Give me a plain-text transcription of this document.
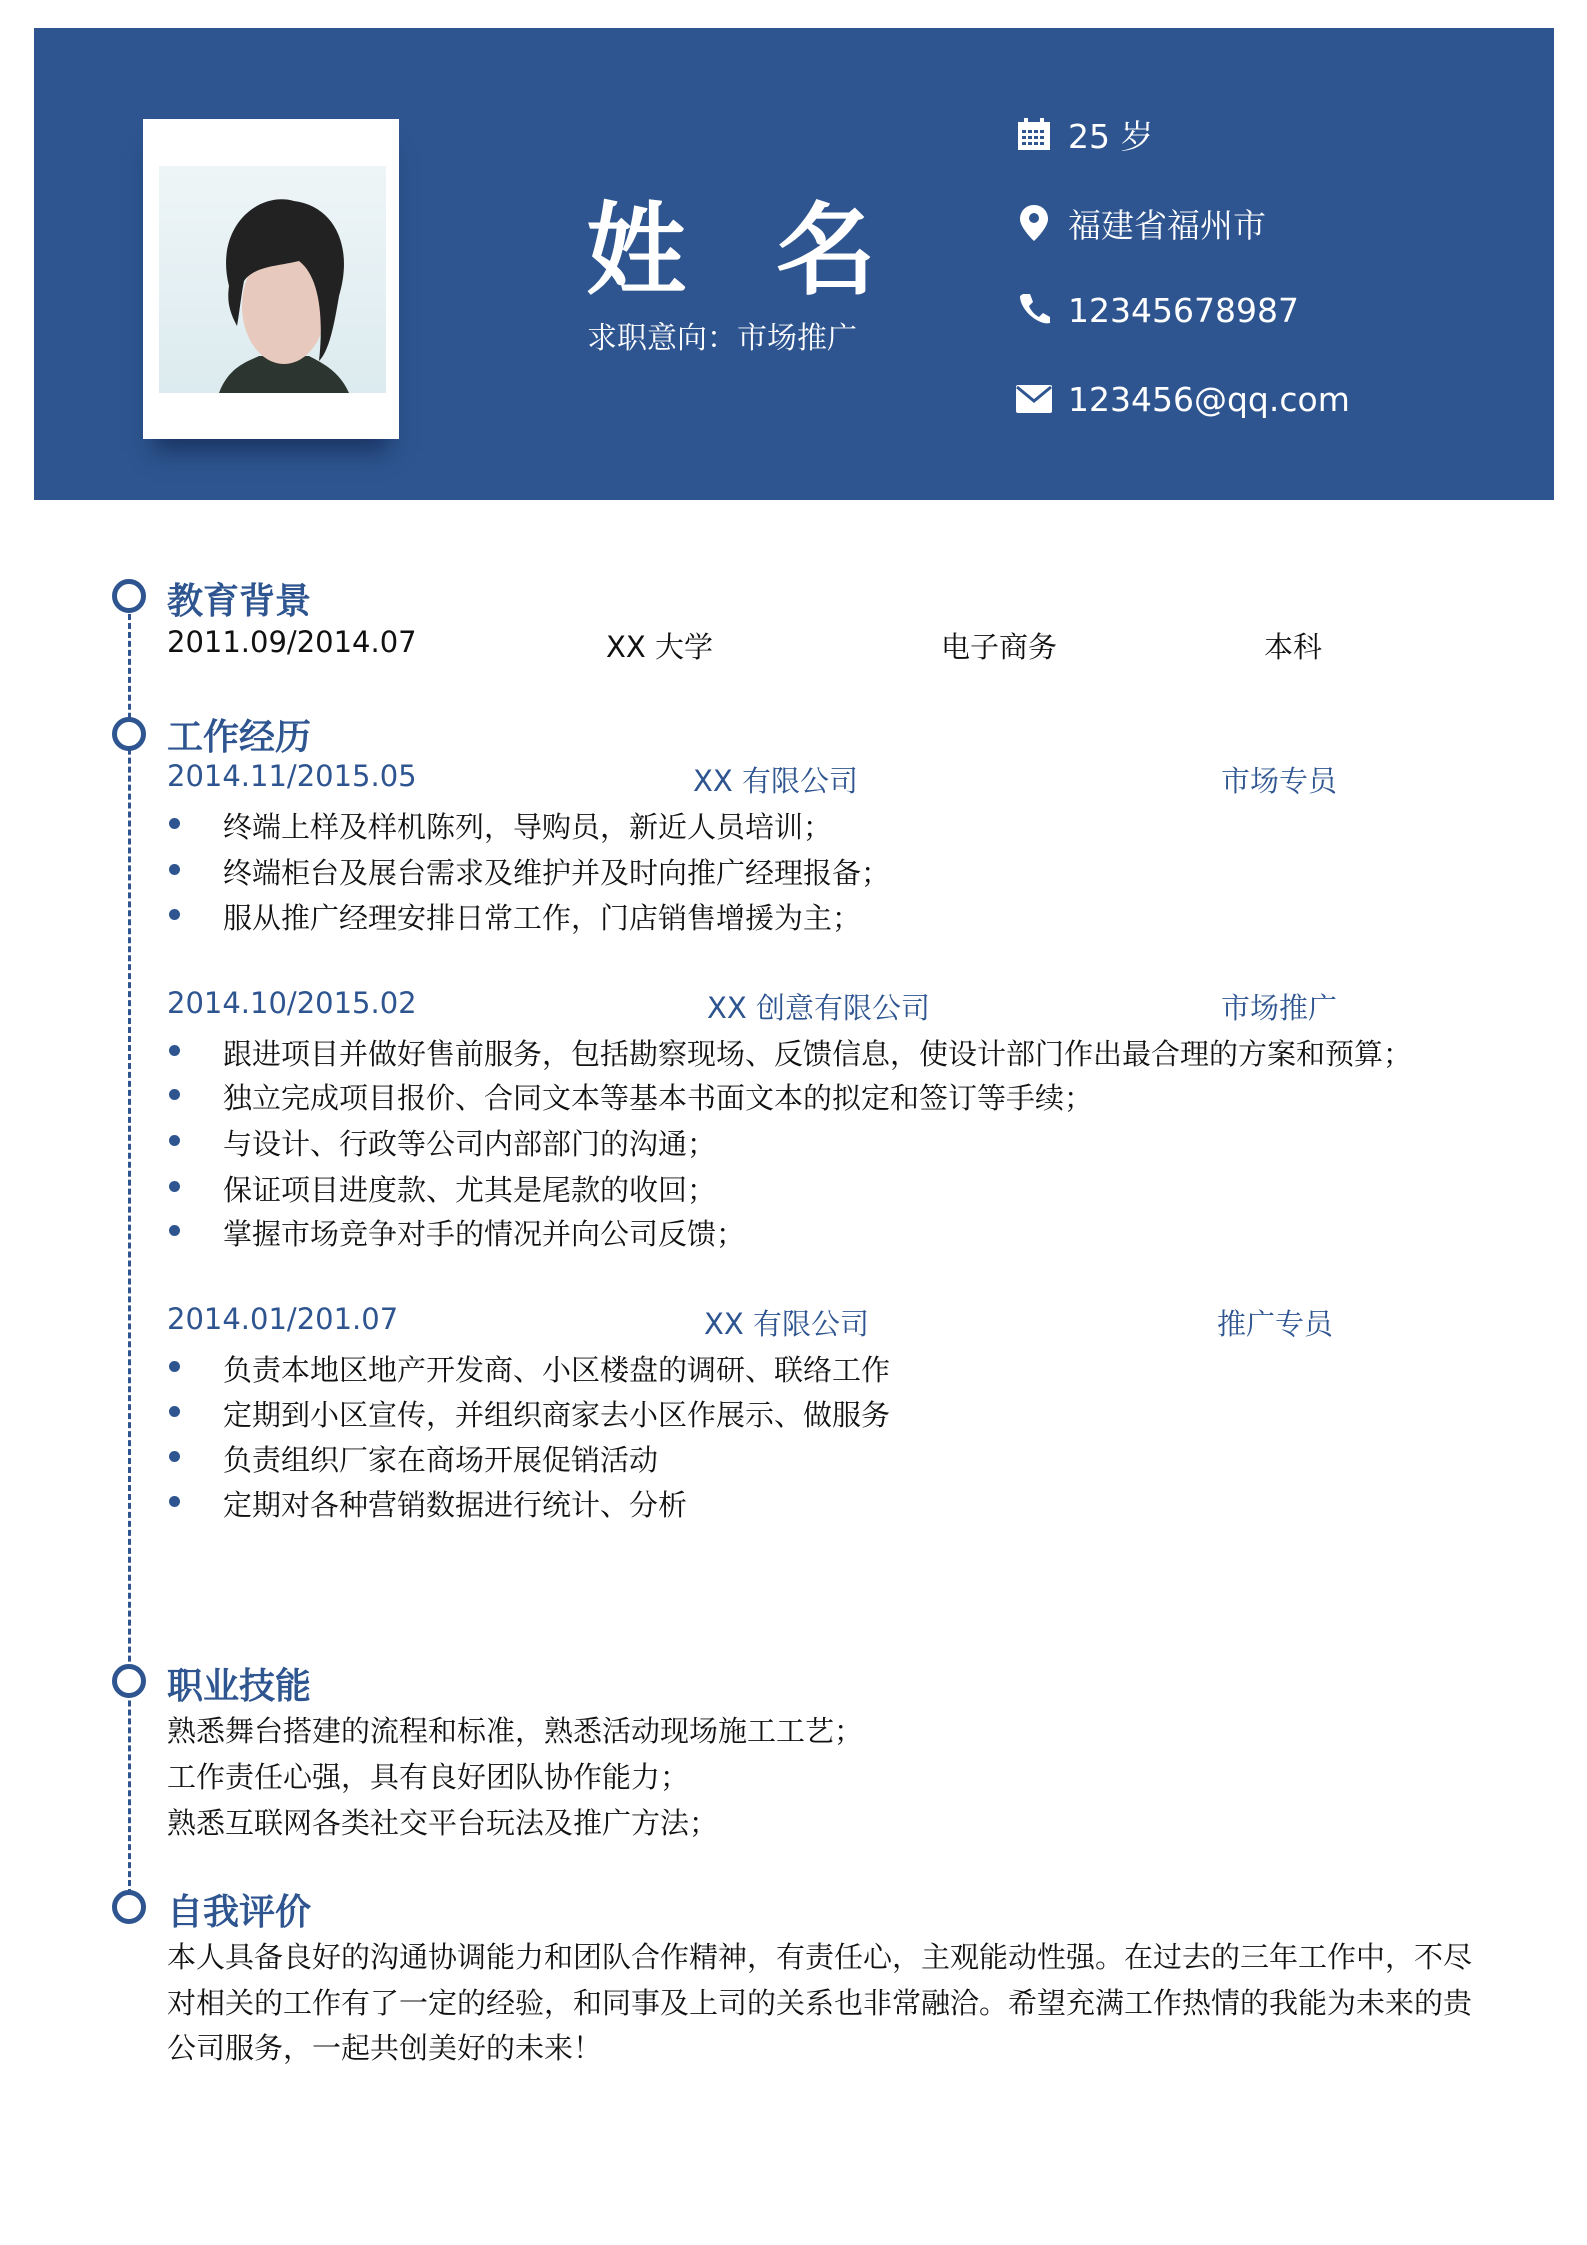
姓名
求职意向：市场推广
25 岁
福建省福州市
12345678987
123456@qq.com
教育背景
2011.09/2014.07	XX 大学	电子商务	本科
工作经历
2014.11/2015.05	XX 有限公司	市场专员
终端上样及样机陈列，导购员，新近人员培训；
终端柜台及展台需求及维护并及时向推广经理报备；
服从推广经理安排日常工作，门店销售增援为主；
2014.10/2015.02	XX 创意有限公司	市场推广
跟进项目并做好售前服务，包括勘察现场、反馈信息，使设计部门作出最合理的方案和预算；
独立完成项目报价、合同文本等基本书面文本的拟定和签订等手续；
与设计、行政等公司内部部门的沟通；
保证项目进度款、尤其是尾款的收回；
掌握市场竞争对手的情况并向公司反馈；
2014.01/201.07	XX 有限公司	推广专员
负责本地区地产开发商、小区楼盘的调研、联络工作
定期到小区宣传，并组织商家去小区作展示、做服务
负责组织厂家在商场开展促销活动
定期对各种营销数据进行统计、分析
职业技能
熟悉舞台搭建的流程和标准，熟悉活动现场施工工艺；
工作责任心强，具有良好团队协作能力；
熟悉互联网各类社交平台玩法及推广方法；
自我评价
本人具备良好的沟通协调能力和团队合作精神，有责任心，主观能动性强。在过去的三年工作中，不尽对相关的工作有了一定的经验，和同事及上司的关系也非常融洽。希望充满工作热情的我能为未来的贵公司服务，一起共创美好的未来！
